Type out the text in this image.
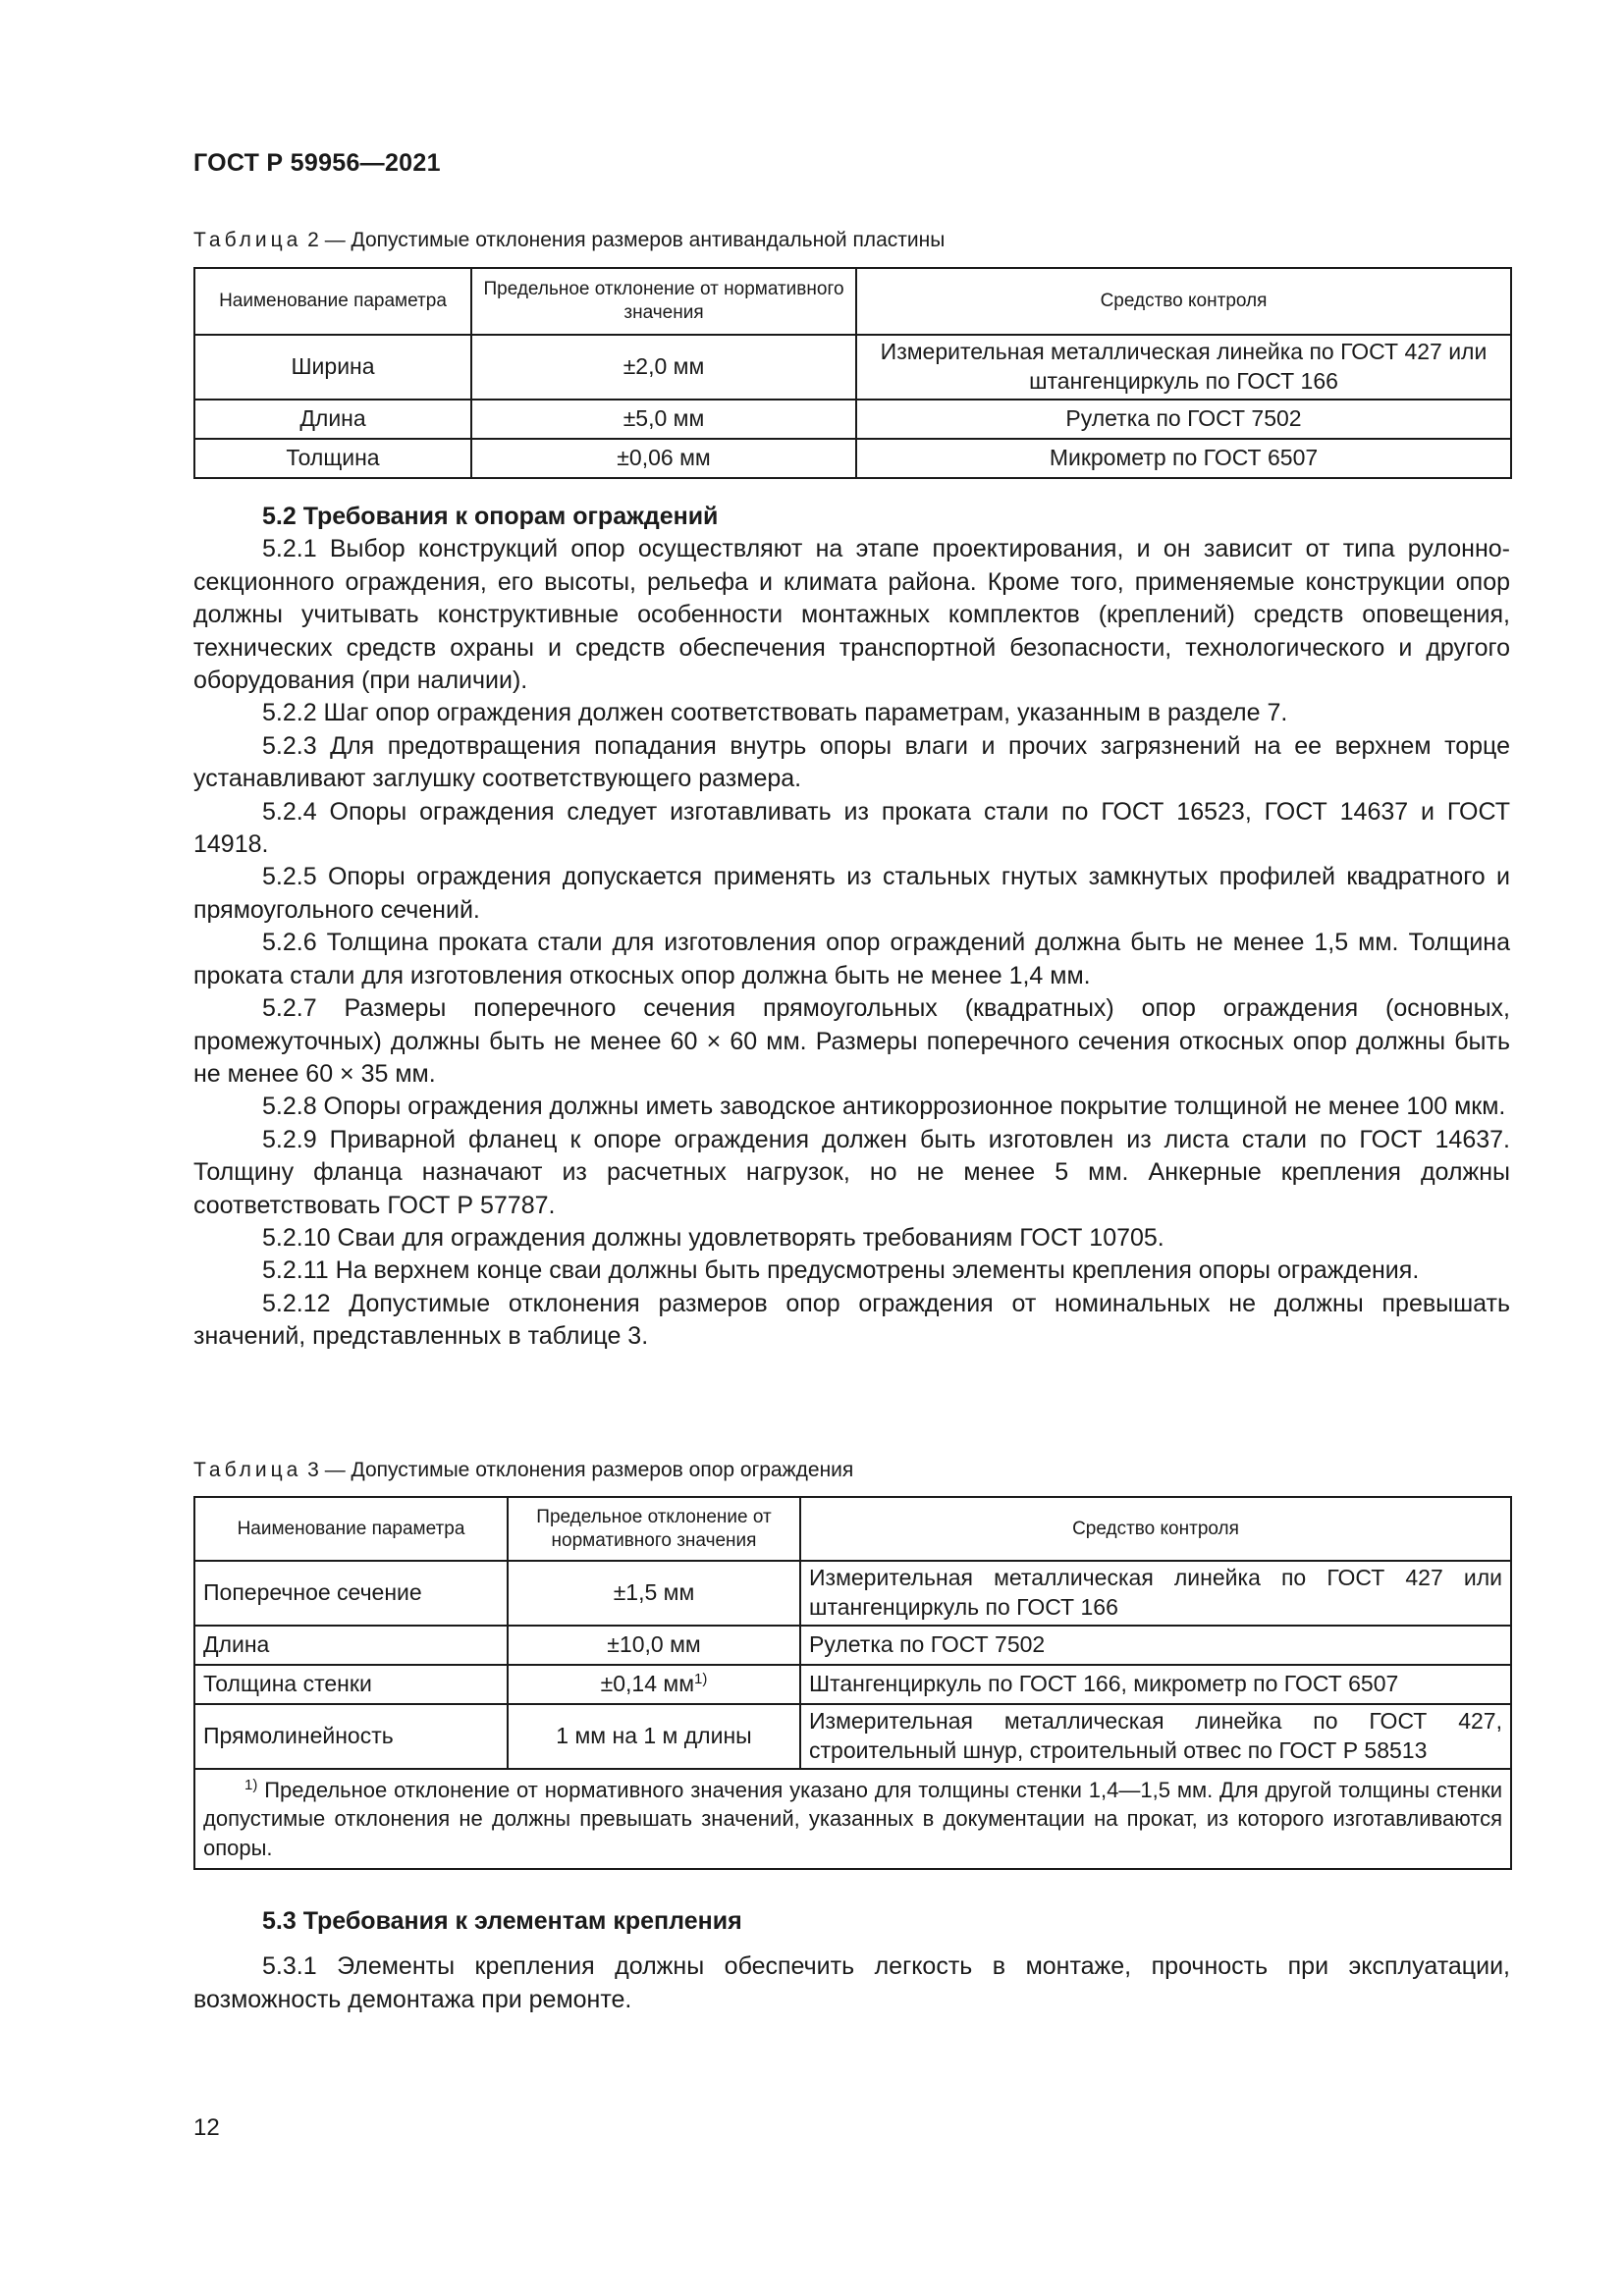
ГОСТ Р 59956—2021
Таблица 2 — Допустимые отклонения размеров антивандальной пластины
Наименование параметра	Предельное отклонение от нормативного значения	Средство контроля
Ширина	±2,0 мм	Измерительная металлическая линейка по ГОСТ 427 или штангенциркуль по ГОСТ 166
Длина	±5,0 мм	Рулетка по ГОСТ 7502
Толщина	±0,06 мм	Микрометр по ГОСТ 6507
5.2 Требования к опорам ограждений

5.2.1 Выбор конструкций опор осуществляют на этапе проектирования, и он зависит от типа рулонно-секционного ограждения, его высоты, рельефа и климата района. Кроме того, применяемые конструкции опор должны учитывать конструктивные особенности монтажных комплектов (креплений) средств оповещения, технических средств охраны и средств обеспечения транспортной безопасности, технологического и другого оборудования (при наличии).

5.2.2 Шаг опор ограждения должен соответствовать параметрам, указанным в разделе 7.

5.2.3 Для предотвращения попадания внутрь опоры влаги и прочих загрязнений на ее верхнем торце устанавливают заглушку соответствующего размера.

5.2.4 Опоры ограждения следует изготавливать из проката стали по ГОСТ 16523, ГОСТ 14637 и ГОСТ 14918.

5.2.5 Опоры ограждения допускается применять из стальных гнутых замкнутых профилей квадратного и прямоугольного сечений.

5.2.6 Толщина проката стали для изготовления опор ограждений должна быть не менее 1,5 мм. Толщина проката стали для изготовления откосных опор должна быть не менее 1,4 мм.

5.2.7 Размеры поперечного сечения прямоугольных (квадратных) опор ограждения (основных, промежуточных) должны быть не менее 60 × 60 мм. Размеры поперечного сечения откосных опор должны быть не менее 60 × 35 мм.

5.2.8 Опоры ограждения должны иметь заводское антикоррозионное покрытие толщиной не менее 100 мкм.

5.2.9 Приварной фланец к опоре ограждения должен быть изготовлен из листа стали по ГОСТ 14637. Толщину фланца назначают из расчетных нагрузок, но не менее 5 мм. Анкерные крепления должны соответствовать ГОСТ Р 57787.

5.2.10 Сваи для ограждения должны удовлетворять требованиям ГОСТ 10705.

5.2.11 На верхнем конце сваи должны быть предусмотрены элементы крепления опоры ограждения.

5.2.12 Допустимые отклонения размеров опор ограждения от номинальных не должны превышать значений, представленных в таблице 3.

Таблица 3 — Допустимые отклонения размеров опор ограждения
Наименование параметра	Предельное отклонение от нормативного значения	Средство контроля
Поперечное сечение	±1,5 мм	Измерительная металлическая линейка по ГОСТ 427 или штангенциркуль по ГОСТ 166
Длина	±10,0 мм	Рулетка по ГОСТ 7502
Толщина стенки	±0,14 $мм^{1)}$	Штангенциркуль по ГОСТ 166, микрометр по ГОСТ 6507
Прямолинейность	1 мм на 1 м длины	Измерительная металлическая линейка по ГОСТ 427, строительный шнур, строительный отвес по ГОСТ Р 58513
$^{1)}$ Предельное отклонение от нормативного значения указано для толщины стенки 1,4—1,5 мм. Для другой толщины стенки допустимые отклонения не должны превышать значений, указанных в документации на прокат, из которого изготавливаются опоры.		
5.3 Требования к элементам крепления

5.3.1 Элементы крепления должны обеспечить легкость в монтаже, прочность при эксплуатации, возможность демонтажа при ремонте.

12
